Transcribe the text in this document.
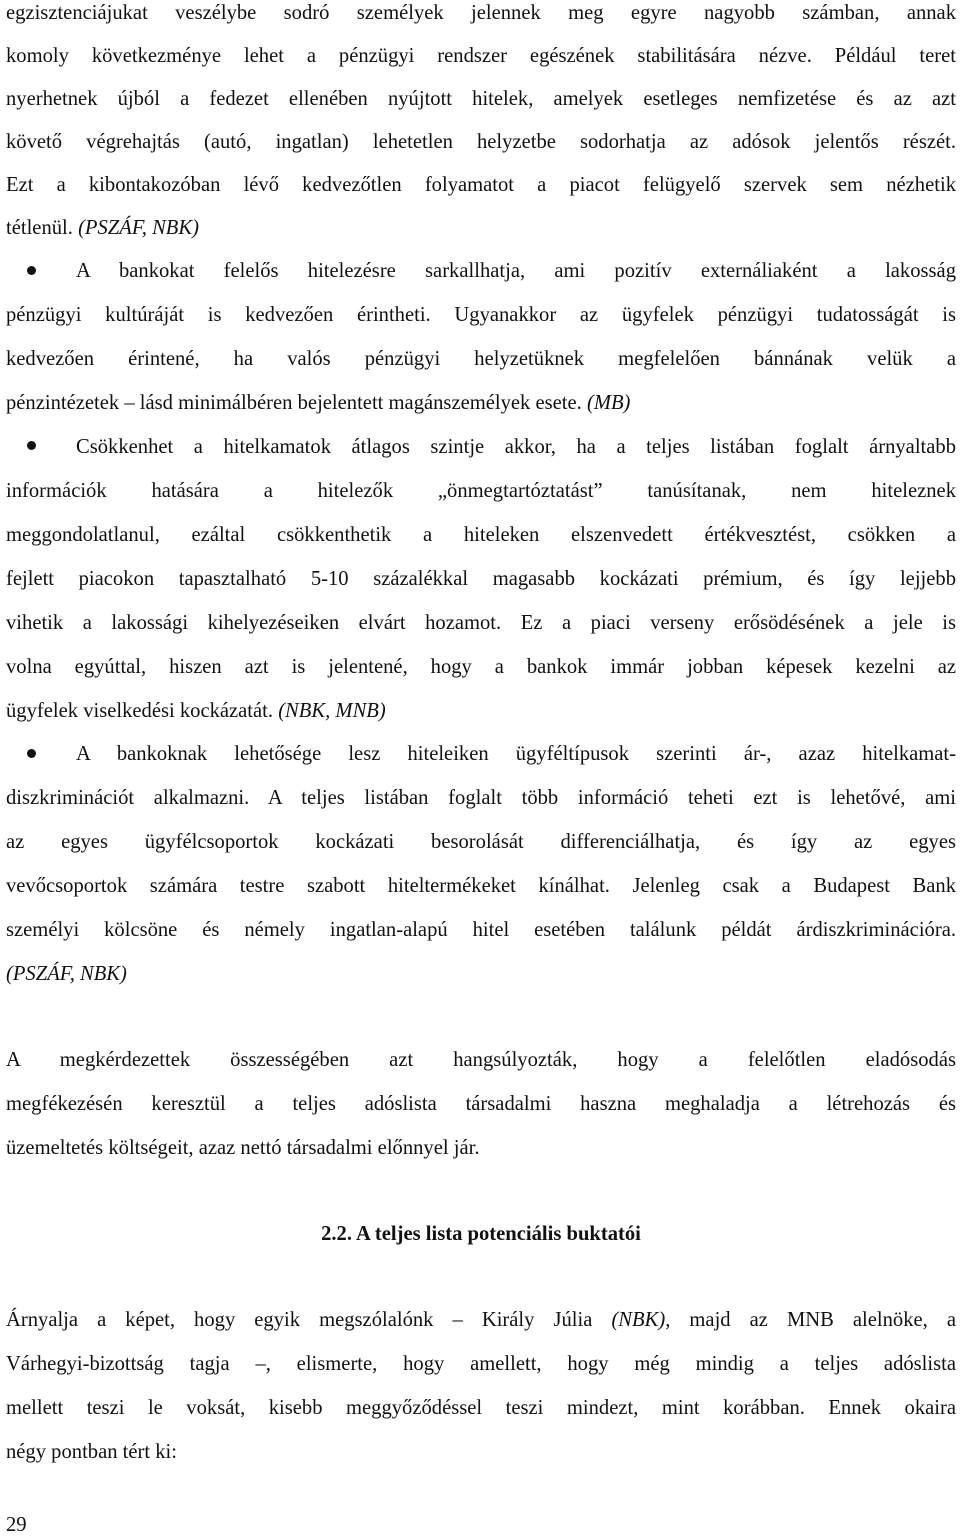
egzisztenciájukat veszélybe sodró személyek jelennek meg egyre nagyobb számban, annak
komoly következménye lehet a pénzügyi rendszer egészének stabilitására nézve. Például teret
nyerhetnek újból a fedezet ellenében nyújtott hitelek, amelyek esetleges nemfizetése és az azt
követő végrehajtás (autó, ingatlan) lehetetlen helyzetbe sodorhatja az adósok jelentős részét.
Ezt a kibontakozóban lévő kedvezőtlen folyamatot a piacot felügyelő szervek sem nézhetik
tétlenül. (PSZÁF, NBK)
A bankokat felelős hitelezésre sarkallhatja, ami pozitív externáliaként a lakosság
pénzügyi kultúráját is kedvezően érintheti. Ugyanakkor az ügyfelek pénzügyi tudatosságát is
kedvezően érintené, ha valós pénzügyi helyzetüknek megfelelően bánnának velük a
pénzintézetek – lásd minimálbéren bejelentett magánszemélyek esete. (MB)
Csökkenhet a hitelkamatok átlagos szintje akkor, ha a teljes listában foglalt árnyaltabb
információk hatására a hitelezők „önmegtartóztatást” tanúsítanak, nem hiteleznek
meggondolatlanul, ezáltal csökkenthetik a hiteleken elszenvedett értékvesztést, csökken a
fejlett piacokon tapasztalható 5-10 százalékkal magasabb kockázati prémium, és így lejjebb
vihetik a lakossági kihelyezéseiken elvárt hozamot. Ez a piaci verseny erősödésének a jele is
volna egyúttal, hiszen azt is jelentené, hogy a bankok immár jobban képesek kezelni az
ügyfelek viselkedési kockázatát. (NBK, MNB)
A bankoknak lehetősége lesz hiteleiken ügyféltípusok szerinti ár-, azaz hitelkamat-
diszkriminációt alkalmazni. A teljes listában foglalt több információ teheti ezt is lehetővé, ami
az egyes ügyfélcsoportok kockázati besorolását differenciálhatja, és így az egyes
vevőcsoportok számára testre szabott hiteltermékeket kínálhat. Jelenleg csak a Budapest Bank
személyi kölcsöne és némely ingatlan-alapú hitel esetében találunk példát árdiszkriminációra.
(PSZÁF, NBK)
A megkérdezettek összességében azt hangsúlyozták, hogy a felelőtlen eladósodás
megfékezésén keresztül a teljes adóslista társadalmi haszna meghaladja a létrehozás és
üzemeltetés költségeit, azaz nettó társadalmi előnnyel jár.
2.2. A teljes lista potenciális buktatói
Árnyalja a képet, hogy egyik megszólalónk – Király Júlia (NBK), majd az MNB alelnöke, a
Várhegyi-bizottság tagja –, elismerte, hogy amellett, hogy még mindig a teljes adóslista
mellett teszi le voksát, kisebb meggyőződéssel teszi mindezt, mint korábban. Ennek okaira
négy pontban tért ki:
29
